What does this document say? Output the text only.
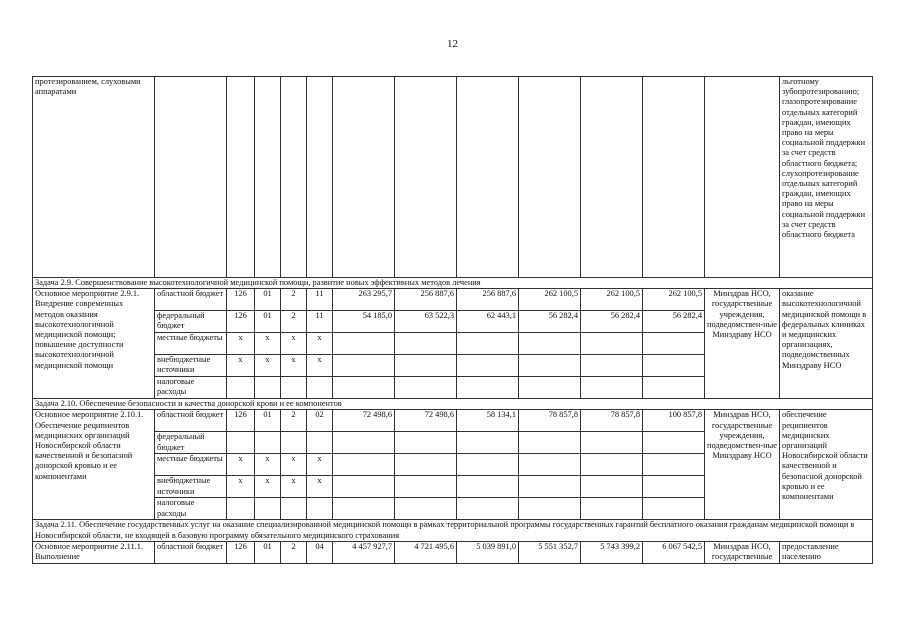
12
протезированием, слуховыми аппаратами													льготному зубопротезированию; глазопротезирование отдельных категорий граждан, имеющих право на меры социальной поддержки за счет средств областного бюджета; слухопротезирование отдельных категорий граждан, имеющих право на меры социальной поддержки за счет средств областного бюджета
Задача 2.9. Совершенствование высокотехнологичной медицинской помощи, развитие новых эффективных методов лечения													
Основное мероприятие 2.9.1. Внедрение современных методов оказания высокотехнологичной медицинской помощи; повышение доступности высокотехнологичной медицинской помощи	областной бюджет	126	01	2	11	263 295,7	256 887,6	256 887,6	262 100,5	262 100,5	262 100,5	Минздрав НСО, государственные учреждения, подведомствен-ные Минздраву НСО	оказание высокотехнологичной медицинской помощи в федеральных клиниках и медицинских организациях, подведомственных Минздраву НСО
	федеральный бюджет	126	01	2	11	54 185,0	63 522,3	62 443,1	56 282,4	56 282,4	56 282,4		
	местные бюджеты	x	x	x	x								
	внебюджетные источники	x	x	x	x								
	налоговые расходы												
Задача 2.10. Обеспечение безопасности и качества донорской крови и ее компонентов													
Основное мероприятие 2.10.1. Обеспечение реципиентов медицинских организаций Новосибирской области качественной и безопасной донорской кровью и ее компонентами	областной бюджет	126	01	2	02	72 498,6	72 498,6	58 134,1	78 857,8	78 857,8	100 857,8	Минздрав НСО, государственные учреждения, подведомствен-ные Минздраву НСО	обеспечение реципиентов медицинских организаций Новосибирской области качественной и безопасной донорской кровью и ее компонентами
	федеральный бюджет												
	местные бюджеты	x	x	x	x								
	внебюджетные источники	x	x	x	x								
	налоговые расходы												
Задача 2.11. Обеспечение государственных услуг на оказание специализированной медицинской помощи в рамках территориальной программы государственных гарантий бесплатного оказания гражданам медицинской помощи в Новосибирской области, не входящей в базовую программу обязательного медицинского страхования													
Основное мероприятие 2.11.1. Выполнение	областной бюджет	126	01	2	04	4 457 927,7	4 721 495,6	5 039 891,0	5 551 352,7	5 743 399,2	6 067 542,5	Минздрав НСО, государственные	предоставление населению
